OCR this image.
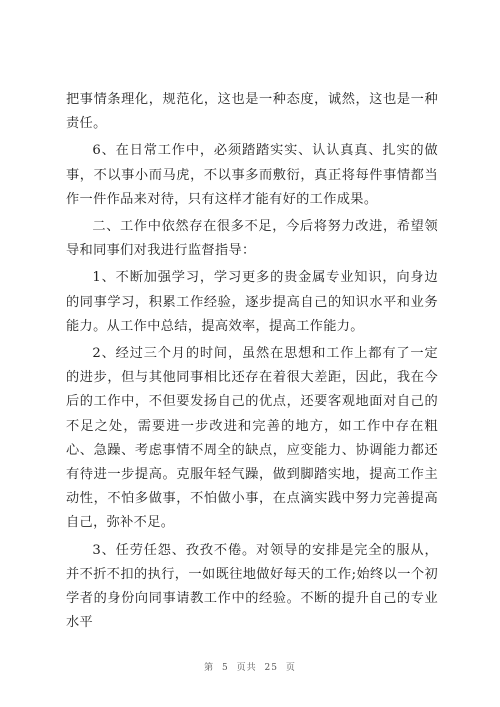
把事情条理化，规范化，这也是一种态度，诚然，这也是一种责任。

6、在日常工作中，必须踏踏实实、认认真真、扎实的做事，不以事小而马虎，不以事多而敷衍，真正将每件事情都当作一件作品来对待，只有这样才能有好的工作成果。

二、工作中依然存在很多不足，今后将努力改进，希望领导和同事们对我进行监督指导：

1、不断加强学习，学习更多的贵金属专业知识，向身边的同事学习，积累工作经验，逐步提高自己的知识水平和业务能力。从工作中总结，提高效率，提高工作能力。

2、经过三个月的时间，虽然在思想和工作上都有了一定的进步，但与其他同事相比还存在着很大差距，因此，我在今后的工作中，不但要发扬自己的优点，还要客观地面对自己的不足之处，需要进一步改进和完善的地方，如工作中存在粗心、急躁、考虑事情不周全的缺点，应变能力、协调能力都还有待进一步提高。克服年轻气躁，做到脚踏实地，提高工作主动性，不怕多做事，不怕做小事，在点滴实践中努力完善提高自己，弥补不足。

3、任劳任怨、孜孜不倦。对领导的安排是完全的服从，并不折不扣的执行，一如既往地做好每天的工作;始终以一个初学者的身份向同事请教工作中的经验。不断的提升自己的专业水平

第 5 页共 25 页
